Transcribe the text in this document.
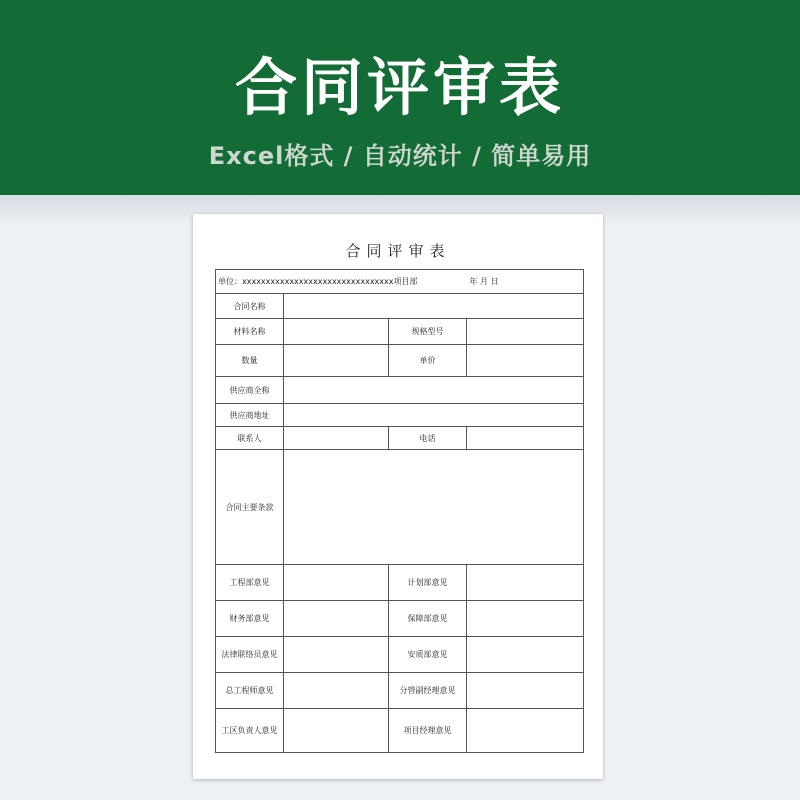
合同评审表
Excel格式 / 自动统计 / 简单易用
合同评审表
单位：xxxxxxxxxxxxxxxxxxxxxxxxxxxxxxxx项目部 年 月 日			

合同名称			
材料名称		规格型号	
数量		单价	
供应商全称			
供应商地址			
联系人		电话	
合同主要条款			
工程部意见		计划部意见	
财务部意见		保障部意见	
法律联络员意见		安质部意见	
总工程师意见		分管副经理意见	
工区负责人意见		项目经理意见	
